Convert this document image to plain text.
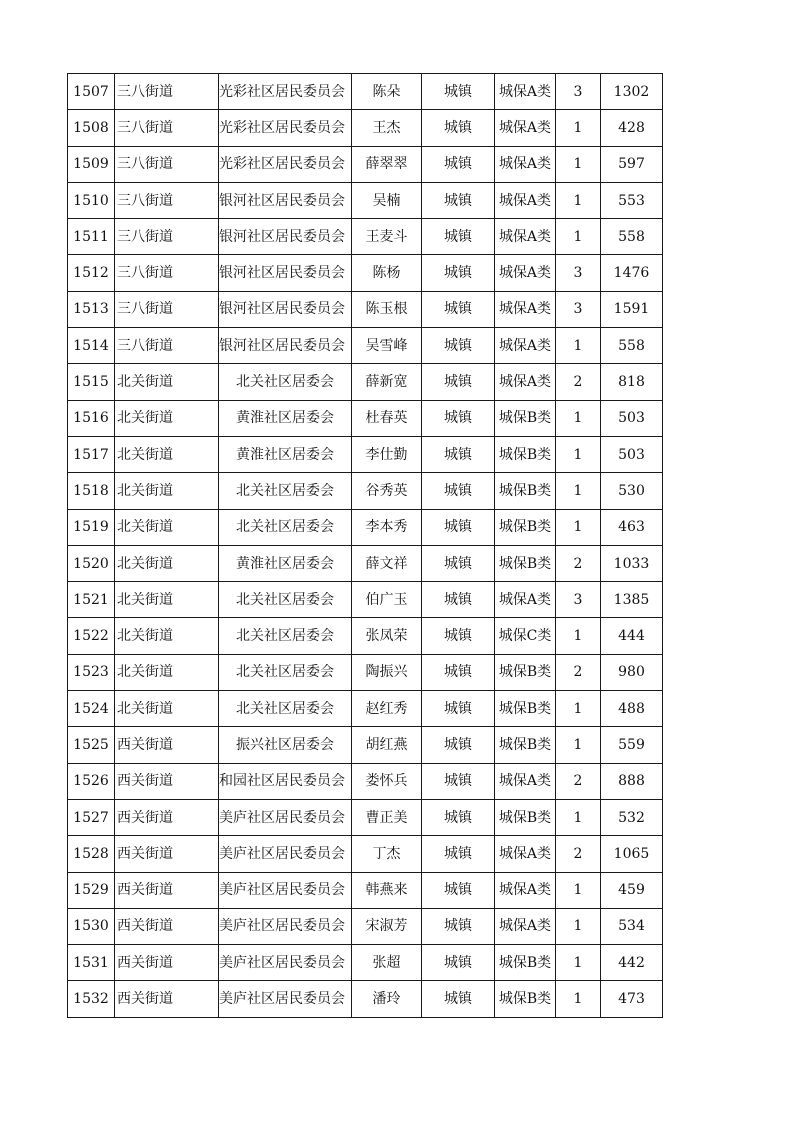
1507	三八街道	光彩社区居民委员会	陈朵	城镇	城保A类	3	1302
1508	三八街道	光彩社区居民委员会	王杰	城镇	城保A类	1	428
1509	三八街道	光彩社区居民委员会	薛翠翠	城镇	城保A类	1	597
1510	三八街道	银河社区居民委员会	吴楠	城镇	城保A类	1	553
1511	三八街道	银河社区居民委员会	王麦斗	城镇	城保A类	1	558
1512	三八街道	银河社区居民委员会	陈杨	城镇	城保A类	3	1476
1513	三八街道	银河社区居民委员会	陈玉根	城镇	城保A类	3	1591
1514	三八街道	银河社区居民委员会	吴雪峰	城镇	城保A类	1	558
1515	北关街道	北关社区居委会	薛新宽	城镇	城保A类	2	818
1516	北关街道	黄淮社区居委会	杜春英	城镇	城保B类	1	503
1517	北关街道	黄淮社区居委会	李仕勤	城镇	城保B类	1	503
1518	北关街道	北关社区居委会	谷秀英	城镇	城保B类	1	530
1519	北关街道	北关社区居委会	李本秀	城镇	城保B类	1	463
1520	北关街道	黄淮社区居委会	薛文祥	城镇	城保B类	2	1033
1521	北关街道	北关社区居委会	伯广玉	城镇	城保A类	3	1385
1522	北关街道	北关社区居委会	张凤荣	城镇	城保C类	1	444
1523	北关街道	北关社区居委会	陶振兴	城镇	城保B类	2	980
1524	北关街道	北关社区居委会	赵红秀	城镇	城保B类	1	488
1525	西关街道	振兴社区居委会	胡红燕	城镇	城保B类	1	559
1526	西关街道	和园社区居民委员会	娄怀兵	城镇	城保A类	2	888
1527	西关街道	美庐社区居民委员会	曹正美	城镇	城保B类	1	532
1528	西关街道	美庐社区居民委员会	丁杰	城镇	城保A类	2	1065
1529	西关街道	美庐社区居民委员会	韩燕来	城镇	城保A类	1	459
1530	西关街道	美庐社区居民委员会	宋淑芳	城镇	城保A类	1	534
1531	西关街道	美庐社区居民委员会	张超	城镇	城保B类	1	442
1532	西关街道	美庐社区居民委员会	潘玲	城镇	城保B类	1	473
